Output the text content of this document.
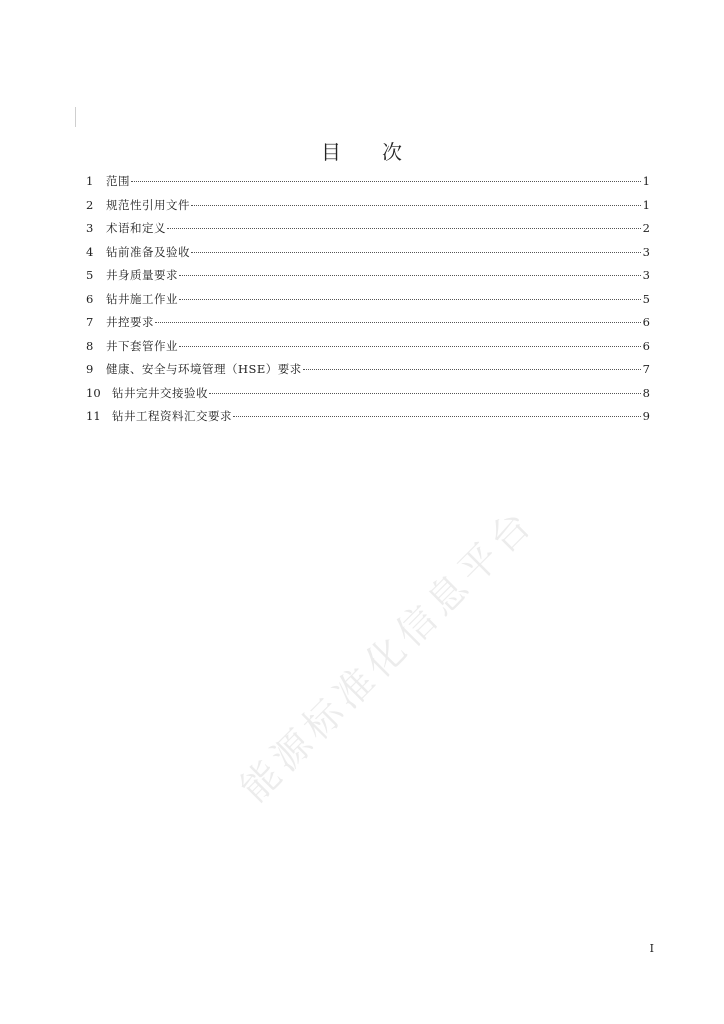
目 次
1	范围	1
2	规范性引用文件	1
3	术语和定义	2
4	钻前准备及验收	3
5	井身质量要求	3
6	钻井施工作业	5
7	井控要求	6
8	井下套管作业	6
9	健康、安全与环境管理（HSE）要求	7
10 钻井完井交接验收	8
11 钻井工程资料汇交要求	9
能源标准化信息平台
I
